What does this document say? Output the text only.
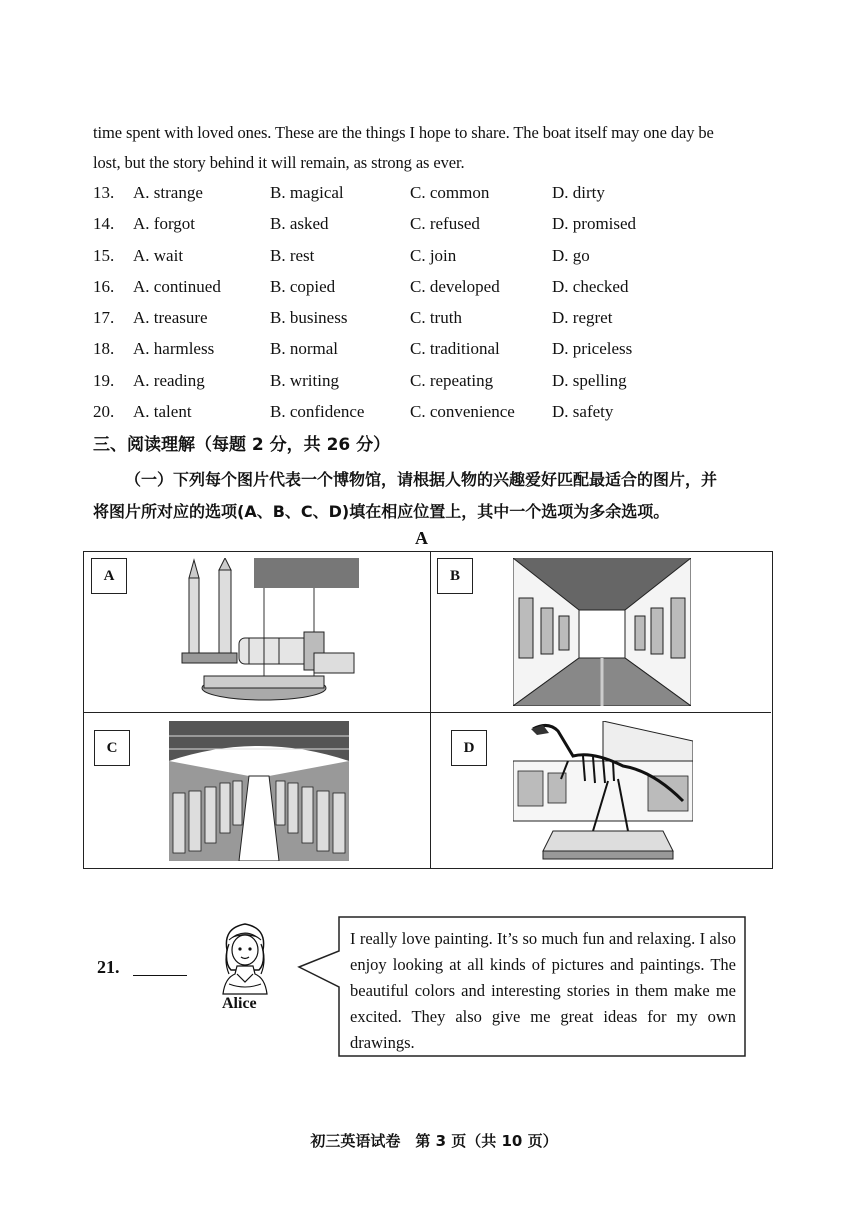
time spent with loved ones. These are the things I hope to share. The boat itself may one day be

lost, but the story behind it will remain, as strong as ever.

13. A. strange	B. magical	C. common	D. dirty
14. A. forgot	B. asked	C. refused	D. promised
15. A. wait	B. rest	C. join	D. go
16. A. continued	B. copied	C. developed	D. checked
17. A. treasure	B. business	C. truth	D. regret
18. A. harmless	B. normal	C. traditional	D. priceless
19. A. reading	B. writing	C. repeating	D. spelling
20. A. talent	B. confidence	C. convenience D. safety
三、阅读理解（每题 2 分，共 26 分）
（一）下列每个图片代表一个博物馆，请根据人物的兴趣爱好匹配最适合的图片，并
将图片所对应的选项(A、B、C、D)填在相应位置上，其中一个选项为多余选项。
A
A	B
C	D
21.
Alice
I really love painting. It’s so much fun and relaxing. I also enjoy looking at all kinds of pictures and paintings. The beautiful colors and interesting stories in them make me excited. They also give me great ideas for my own drawings.
初三英语试卷　第 3 页（共 10 页）
